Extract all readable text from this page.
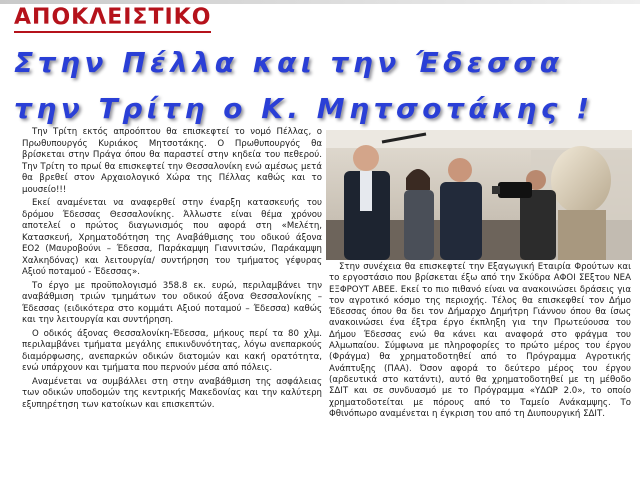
ΑΠΟΚΛΕΙΣΤΙΚΟ
Στην Πέλλα και την Έδεσσα
την Τρίτη ο Κ. Μητσοτάκης !

Την Τρίτη εκτός απροόπτου θα επισκεφτεί το νομό Πέλλας, ο Πρωθυπουργός Κυριάκος Μητσοτάκης. Ο Πρωθυπουργός θα βρίσκεται στην Πράγα όπου θα παραστεί στην κηδεία του πεθερού. Την Τρίτη το πρωί θα επισκεφτεί την Θεσσαλονίκη ενώ αμέσως μετά θα βρεθεί στον Αρχαιολογικό Χώρα της Πέλλας καθώς και το μουσείο!!!

Εκεί αναμένεται να αναφερθεί στην έναρξη κατασκευής του δρόμου Έδεσσας Θεσσαλονίκης. Άλλωστε είναι θέμα χρόνου αποτελεί ο πρώτος διαγωνισμός που αφορά στη «Μελέτη, Κατασκευή, Χρηματοδότηση της Αναβάθμισης του οδικού άξονα ΕΟ2 (Μαυροβούνι – Έδεσσα, Παράκαμψη Γιαννιτσών, Παράκαμψη Χαλκηδόνας) και λειτουργία/ συντήρηση του τμήματος γέφυρας Αξιού ποταμού - Έδεσσας».

Το έργο με προϋπολογισμό 358.8 εκ. ευρώ, περιλαμβάνει την αναβάθμιση τριών τμημάτων του οδικού άξονα Θεσσαλονίκης – Έδεσσας (ειδικότερα στο κομμάτι Αξιού ποταμού – Έδεσσα) καθώς και την λειτουργία και συντήρηση.

Ο οδικός άξονας Θεσσαλονίκη-Έδεσσα, μήκους περί τα 80 χλμ. περιλαμβάνει τμήματα μεγάλης επικινδυνότητας, λόγω ανεπαρκούς διαμόρφωσης, ανεπαρκών οδικών διατομών και κακή ορατότητα, ενώ υπάρχουν και τμήματα που περνούν μέσα από πόλεις.

Αναμένεται να συμβάλλει στη στην αναβάθμιση της ασφάλειας των οδικών υποδομών της κεντρικής Μακεδονίας και την καλύτερη εξυπηρέτηση των κατοίκων και επισκεπτών.

Στην συνέχεια θα επισκεφτεί την Εξαγωγική Εταιρία Φρούτων και το εργοστάσιο που βρίσκεται έξω από την Σκύδρα ΑΦΟΙ ΣΕξτου ΝΕΑ ΕΞΦΡΟΥΤ ΑΒΕΕ. Εκεί το πιο πιθανό είναι να ανακοινώσει δράσεις για τον αγροτικό κόσμο της περιοχής. Τέλος θα επισκεφθεί τον Δήμο Έδεσσας όπου θα δει τον Δήμαρχο Δημήτρη Γιάννου όπου θα ίσως ανακοινώσει ένα έξτρα έργο έκπληξη για την Πρωτεύουσα του Δήμου Έδεσσας ενώ θα κάνει και αναφορά στο φράγμα του Αλμωπαίου. Σύμφωνα με πληροφορίες το πρώτο μέρος του έργου (Φράγμα) θα χρηματοδοτηθεί από το Πρόγραμμα Αγροτικής Ανάπτυξης (ΠΑΑ). Όσον αφορά το δεύτερο μέρος του έργου (αρδευτικά στο κατάντι), αυτό θα χρηματοδοτηθεί με τη μέθοδο ΣΔΙΤ και σε συνδυασμό με το Πρόγραμμα «ΥΔΩΡ 2.0», το οποίο χρηματοδοτείται με πόρους από το Ταμείο Ανάκαμψης. Το Φθινόπωρο αναμένεται η έγκριση του από τη Διυπουργική ΣΔΙΤ.
